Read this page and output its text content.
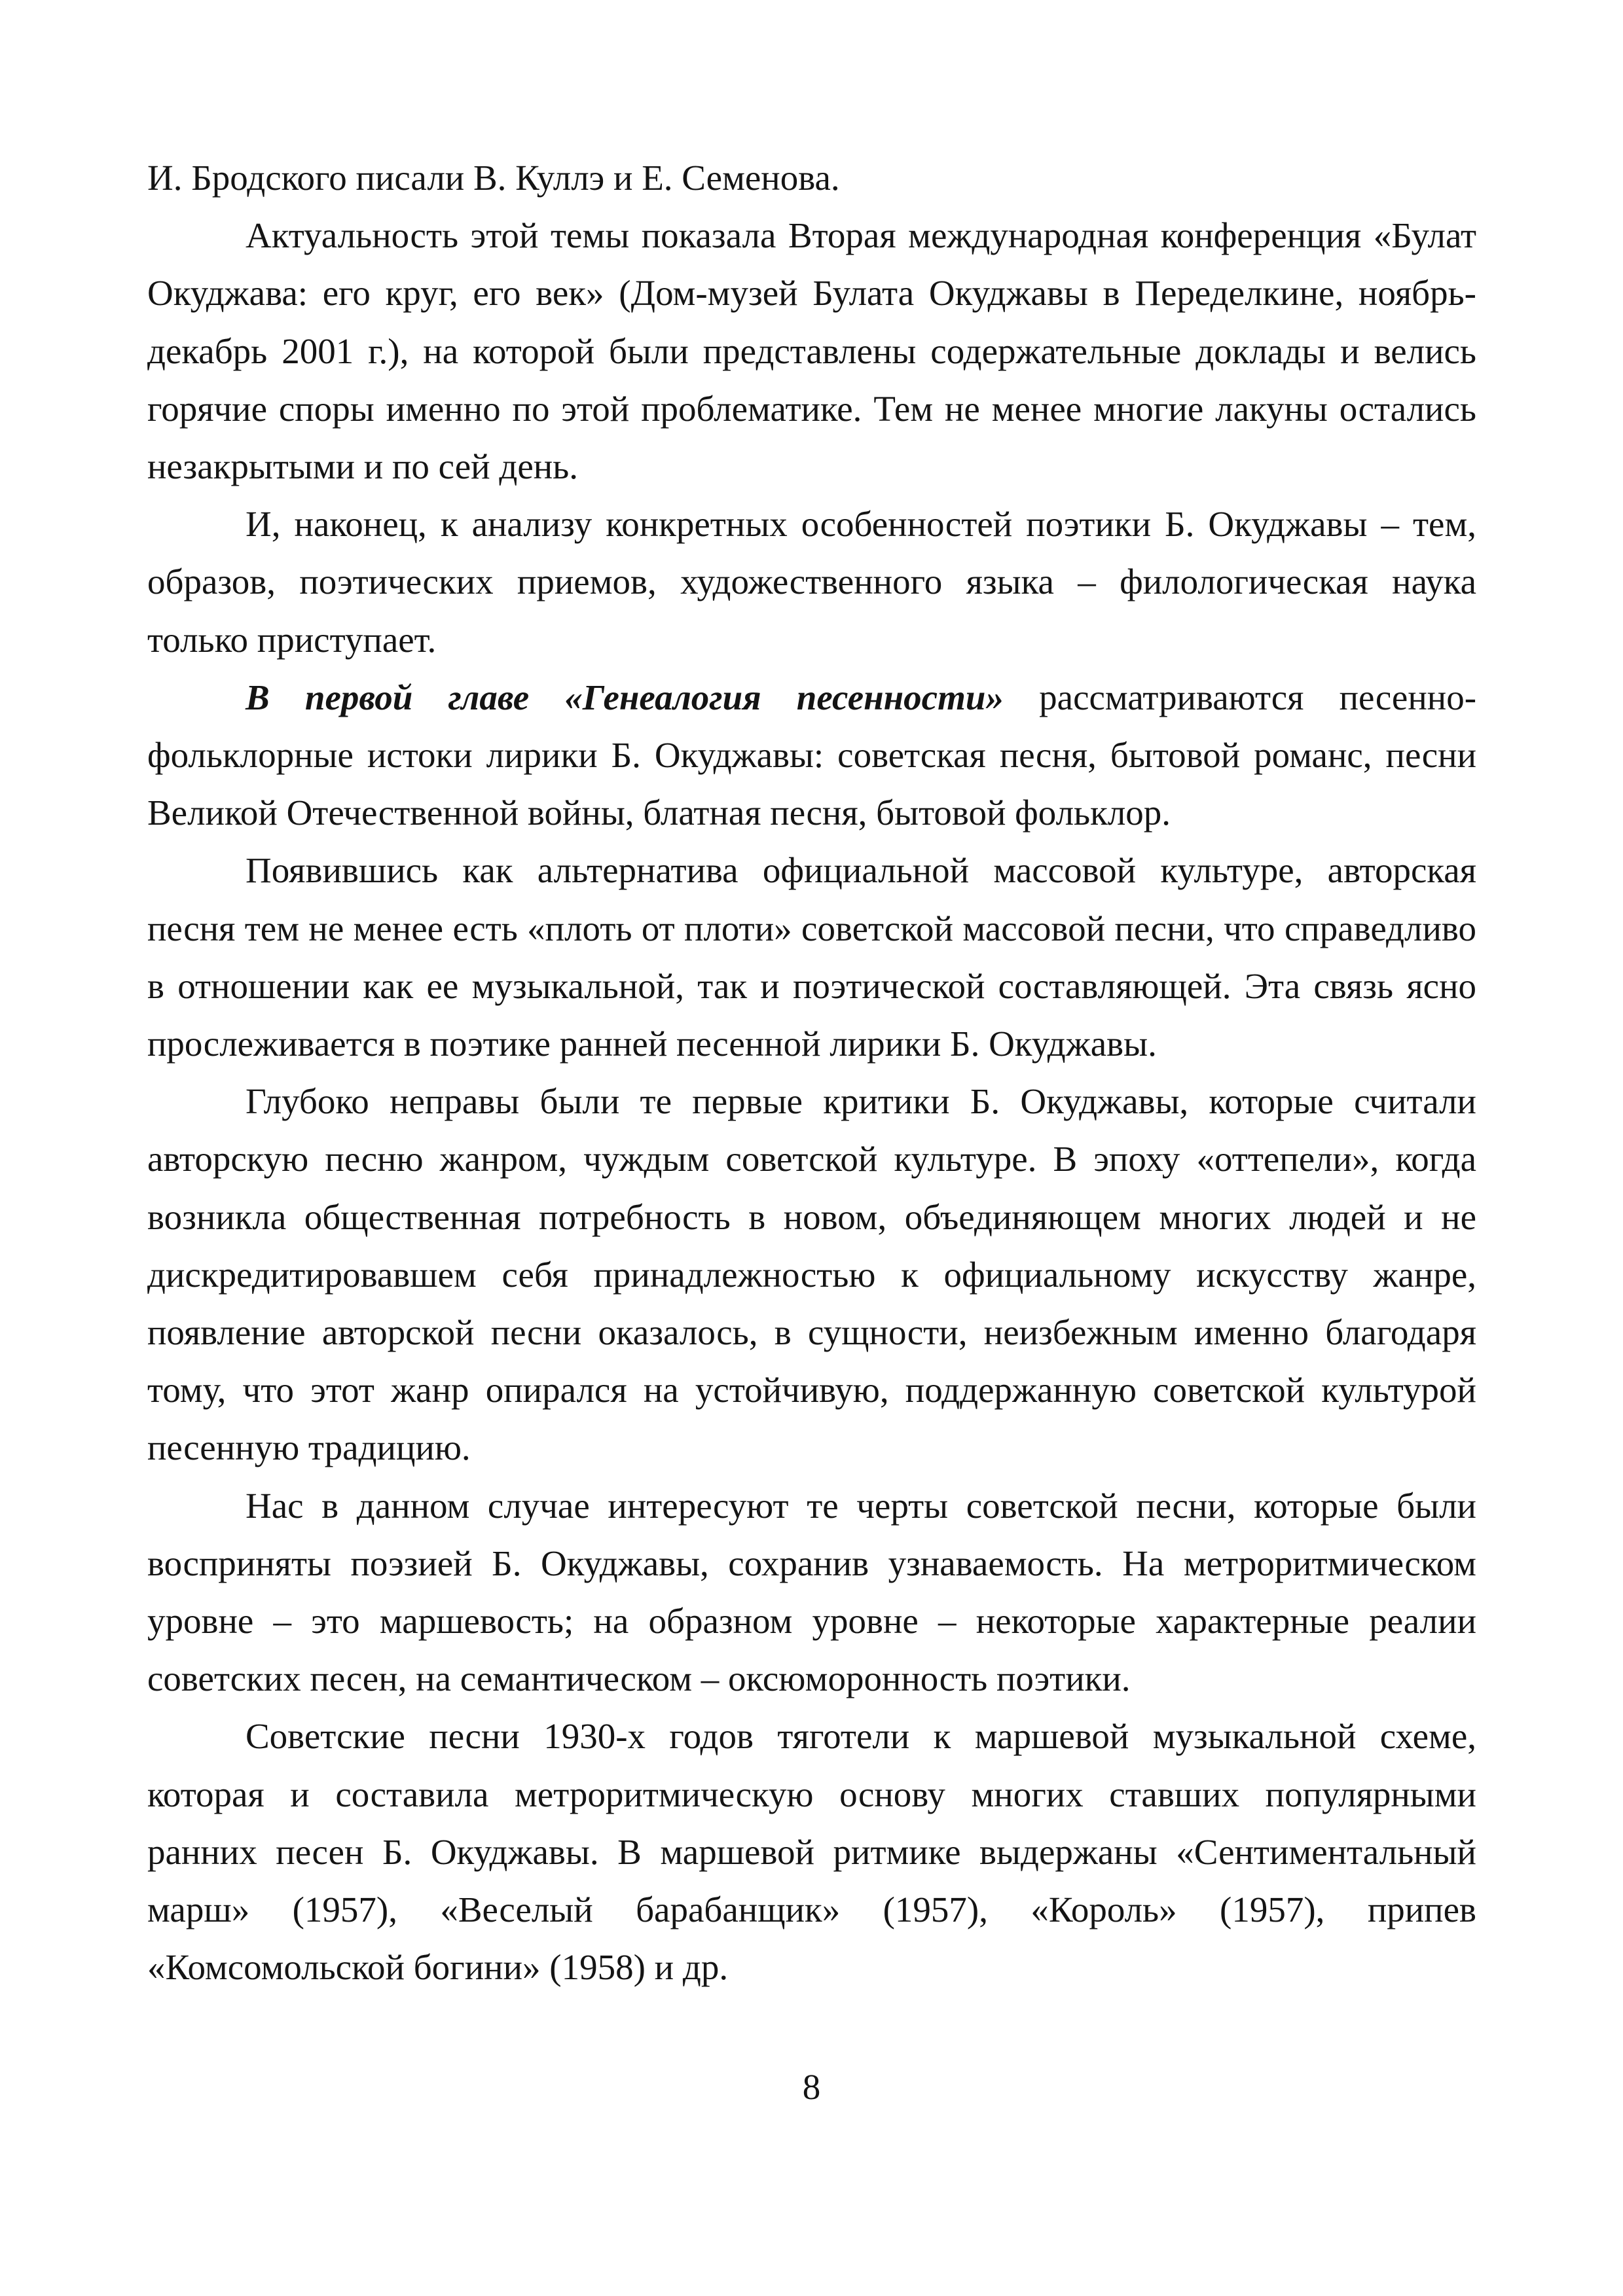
И. Бродского писали В. Куллэ и Е. Семенова.

Актуальность этой темы показала Вторая международная конференция «Булат Окуджава: его круг, его век» (Дом-музей Булата Окуджавы в Переделкине, ноябрь-декабрь 2001 г.), на которой были представлены содержательные доклады и велись горячие споры именно по этой проблематике. Тем не менее многие лакуны остались незакрытыми и по сей день.

И, наконец, к анализу конкретных особенностей поэтики Б. Окуджавы – тем, образов, поэтических приемов, художественного языка – филологическая наука только приступает.

В первой главе «Генеалогия песенности» рассматриваются песенно-фольклорные истоки лирики Б. Окуджавы: советская песня, бытовой романс, песни Великой Отечественной войны, блатная песня, бытовой фольклор.

Появившись как альтернатива официальной массовой культуре, авторская песня тем не менее есть «плоть от плоти» советской массовой песни, что справедливо в отношении как ее музыкальной, так и поэтической составляющей. Эта связь ясно прослеживается в поэтике ранней песенной лирики Б. Окуджавы.

Глубоко неправы были те первые критики Б. Окуджавы, которые считали авторскую песню жанром, чуждым советской культуре. В эпоху «оттепели», когда возникла общественная потребность в новом, объединяющем многих людей и не дискредитировавшем себя принадлежностью к официальному искусству жанре, появление авторской песни оказалось, в сущности, неизбежным именно благодаря тому, что этот жанр опирался на устойчивую, поддержанную советской культурой песенную традицию.

Нас в данном случае интересуют те черты советской песни, которые были восприняты поэзией Б. Окуджавы, сохранив узнаваемость. На метроритмическом уровне – это маршевость; на образном уровне – некоторые характерные реалии советских песен, на семантическом – оксюморонность поэтики.

Советские песни 1930-х годов тяготели к маршевой музыкальной схеме, которая и составила метроритмическую основу многих ставших популярными ранних песен Б. Окуджавы. В маршевой ритмике выдержаны «Сентиментальный марш» (1957), «Веселый барабанщик» (1957), «Король» (1957), припев «Комсомольской богини» (1958) и др.

8
